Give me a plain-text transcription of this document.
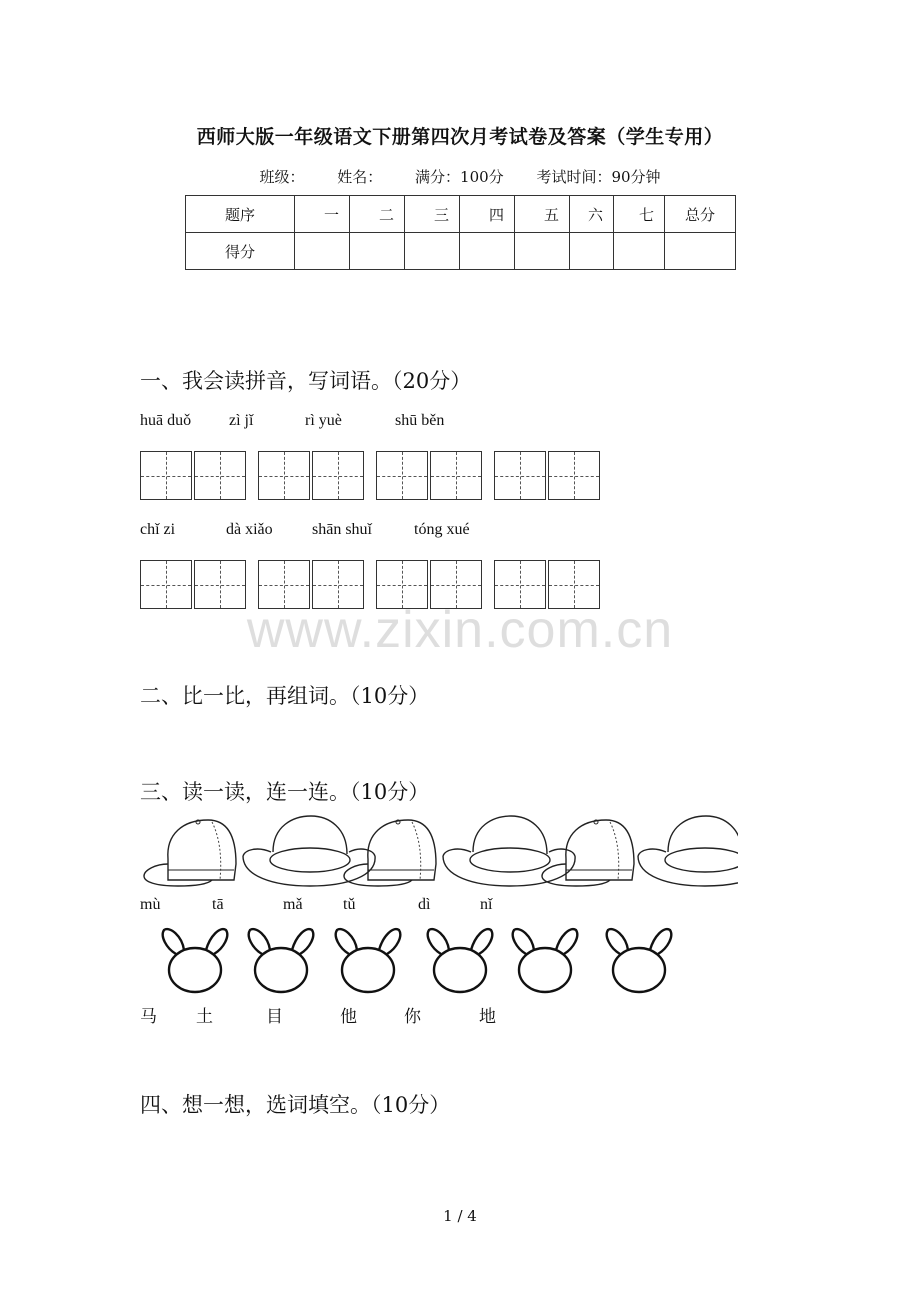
西师大版一年级语文下册第四次月考试卷及答案（学生专用）
班级： 姓名： 满分：100分 考试时间：90分钟
题序	一	二	三	四	五	六	七	总分
得分								
一、我会读拼音，写词语。（20分）
huā duǒ zì jǐ	rì yuè	shū běn
chǐ zi	dà xiǎo shān shuǐ	tóng xué
www.zixin.com.cn
二、比一比，再组词。（10分）
三、读一读，连一连。（10分）
mù	tā	mǎ	tǔ	dì	nǐ
马 土	目	他	你	地
四、想一想，选词填空。（10分）
1 / 4
